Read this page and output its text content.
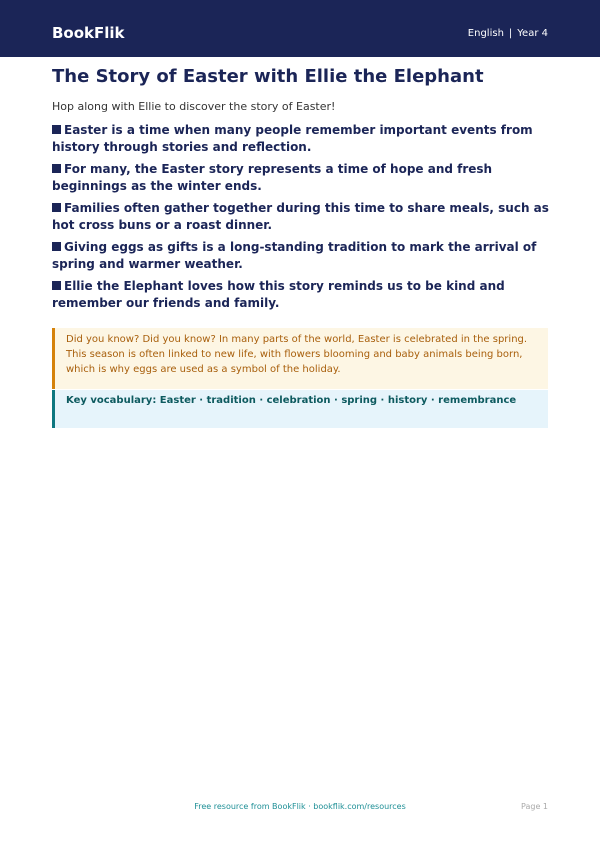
BookFlik	English | Year 4
The Story of Easter with Ellie the Elephant

Hop along with Ellie to discover the story of Easter!

Easter is a time when many people remember important events from history through stories and reflection.
For many, the Easter story represents a time of hope and fresh beginnings as the winter ends.
Families often gather together during this time to share meals, such as hot cross buns or a roast dinner.
Giving eggs as gifts is a long-standing tradition to mark the arrival of spring and warmer weather.
Ellie the Elephant loves how this story reminds us to be kind and remember our friends and family.
Did you know? Did you know? In many parts of the world, Easter is celebrated in the spring. This season is often linked to new life, with flowers blooming and baby animals being born, which is why eggs are used as a symbol of the holiday.
Key vocabulary: Easter · tradition · celebration · spring · history · remembrance
Free resource from BookFlik · bookflik.com/resources	Page 1
